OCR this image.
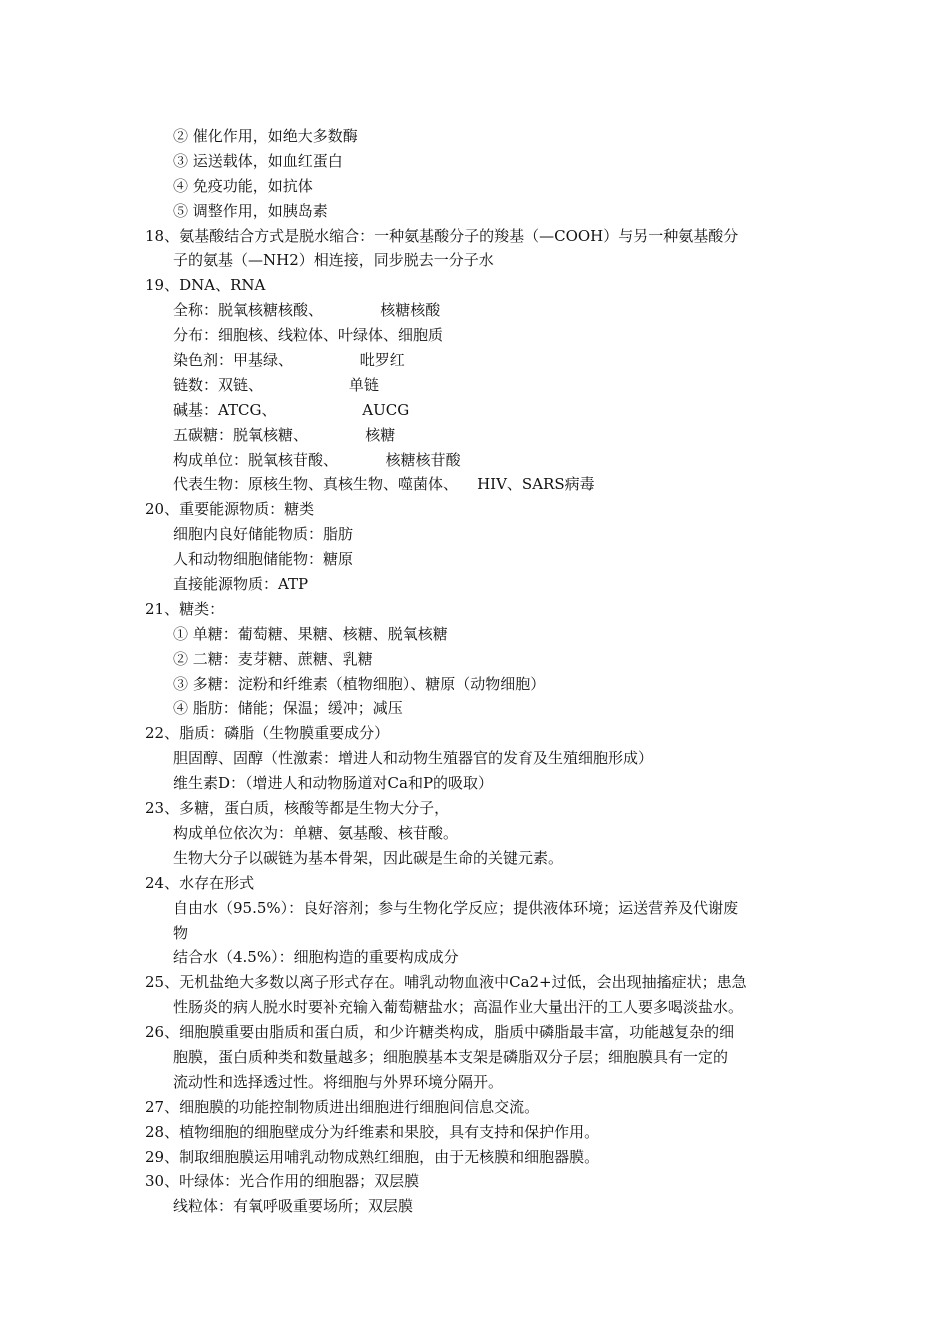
② 催化作用，如绝大多数酶
③ 运送载体，如血红蛋白
④ 免疫功能，如抗体
⑤ 调整作用，如胰岛素
18、氨基酸结合方式是脱水缩合：一种氨基酸分子的羧基（—COOH）与另一种氨基酸分
子的氨基（—NH2）相连接，同步脱去一分子水
19、DNA、RNA
全称：脱氧核糖核酸、            核糖核酸
分布：细胞核、线粒体、叶绿体、细胞质
染色剂：甲基绿、              吡罗红
链数：双链、                  单链
碱基：ATCG、                  AUCG
五碳糖：脱氧核糖、            核糖
构成单位：脱氧核苷酸、          核糖核苷酸
代表生物：原核生物、真核生物、噬菌体、    HIV、SARS病毒
20、重要能源物质：糖类
细胞内良好储能物质：脂肪
人和动物细胞储能物：糖原
直接能源物质：ATP
21、糖类：
① 单糖：葡萄糖、果糖、核糖、脱氧核糖
② 二糖：麦芽糖、蔗糖、乳糖
③ 多糖：淀粉和纤维素（植物细胞）、糖原（动物细胞）
④ 脂肪：储能；保温；缓冲；减压
22、脂质：磷脂（生物膜重要成分）
胆固醇、固醇（性激素：增进人和动物生殖器官的发育及生殖细胞形成）
维生素D：（增进人和动物肠道对Ca和P的吸取）
23、多糖，蛋白质，核酸等都是生物大分子，
构成单位依次为：单糖、氨基酸、核苷酸。
生物大分子以碳链为基本骨架，因此碳是生命的关键元素。
24、水存在形式
自由水（95.5%）：良好溶剂；参与生物化学反应；提供液体环境；运送营养及代谢废
物
结合水（4.5%）：细胞构造的重要构成成分
25、无机盐绝大多数以离子形式存在。哺乳动物血液中Ca2+过低，会出现抽搐症状；患急
性肠炎的病人脱水时要补充输入葡萄糖盐水；高温作业大量出汗的工人要多喝淡盐水。
26、细胞膜重要由脂质和蛋白质，和少许糖类构成，脂质中磷脂最丰富，功能越复杂的细
胞膜，蛋白质种类和数量越多；细胞膜基本支架是磷脂双分子层；细胞膜具有一定的
流动性和选择透过性。将细胞与外界环境分隔开。
27、细胞膜的功能控制物质进出细胞进行细胞间信息交流。
28、植物细胞的细胞壁成分为纤维素和果胶，具有支持和保护作用。
29、制取细胞膜运用哺乳动物成熟红细胞，由于无核膜和细胞器膜。
30、叶绿体：光合作用的细胞器；双层膜
线粒体：有氧呼吸重要场所；双层膜
